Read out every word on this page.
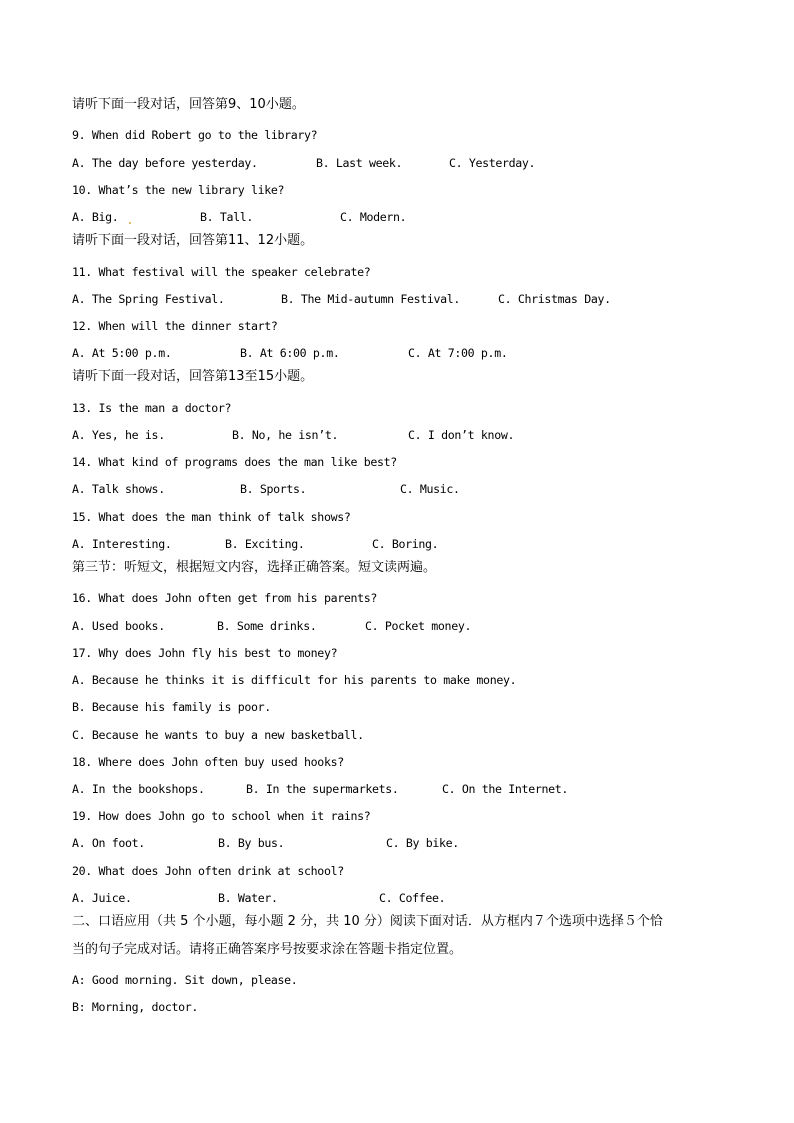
请听下面一段对话，回答第9、10小题。
9. When did Robert go to the library?
A. The day before yesterday.	B. Last week.	C. Yesterday.
10. What’s the new library like?
A. Big.	B. Tall.	C. Modern.
请听下面一段对话，回答第11、12小题。
11. What festival will the speaker celebrate?
A. The Spring Festival.	B. The Mid-autumn Festival.	C. Christmas Day.
12. When will the dinner start?
A. At 5:00 p.m.	B. At 6:00 p.m.	C. At 7:00 p.m.
请听下面一段对话，回答第13至15小题。
13. Is the man a doctor?
A. Yes, he is.	B. No, he isn’t.	C. I don’t know.
14. What kind of programs does the man like best?
A. Talk shows.	B. Sports.	C. Music.
15. What does the man think of talk shows?
A. Interesting.	B. Exciting.	C. Boring.
第三节：听短文，根据短文内容，选择正确答案。短文读两遍。
16. What does John often get from his parents?
A. Used books.	B. Some drinks.	C. Pocket money.
17. Why does John fly his best to money?
A. Because he thinks it is difficult for his parents to make money.
B. Because his family is poor.
C. Because he wants to buy a new basketball.
18. Where does John often buy used hooks?
A. In the bookshops.	B. In the supermarkets.	C. On the Internet.
19. How does John go to school when it rains?
A. On foot.	B. By bus.	C. By bike.
20. What does John often drink at school?
A. Juice.	B. Water.	C. Coffee.
二、口语应用（共 5 个小题，每小题 2 分，共 10 分）阅读下面对话．从方框内７个选项中选择５个恰
当的句子完成对话。请将正确答案序号按要求涂在答题卡指定位置。
A: Good morning. Sit down, please.
B: Morning, doctor.
